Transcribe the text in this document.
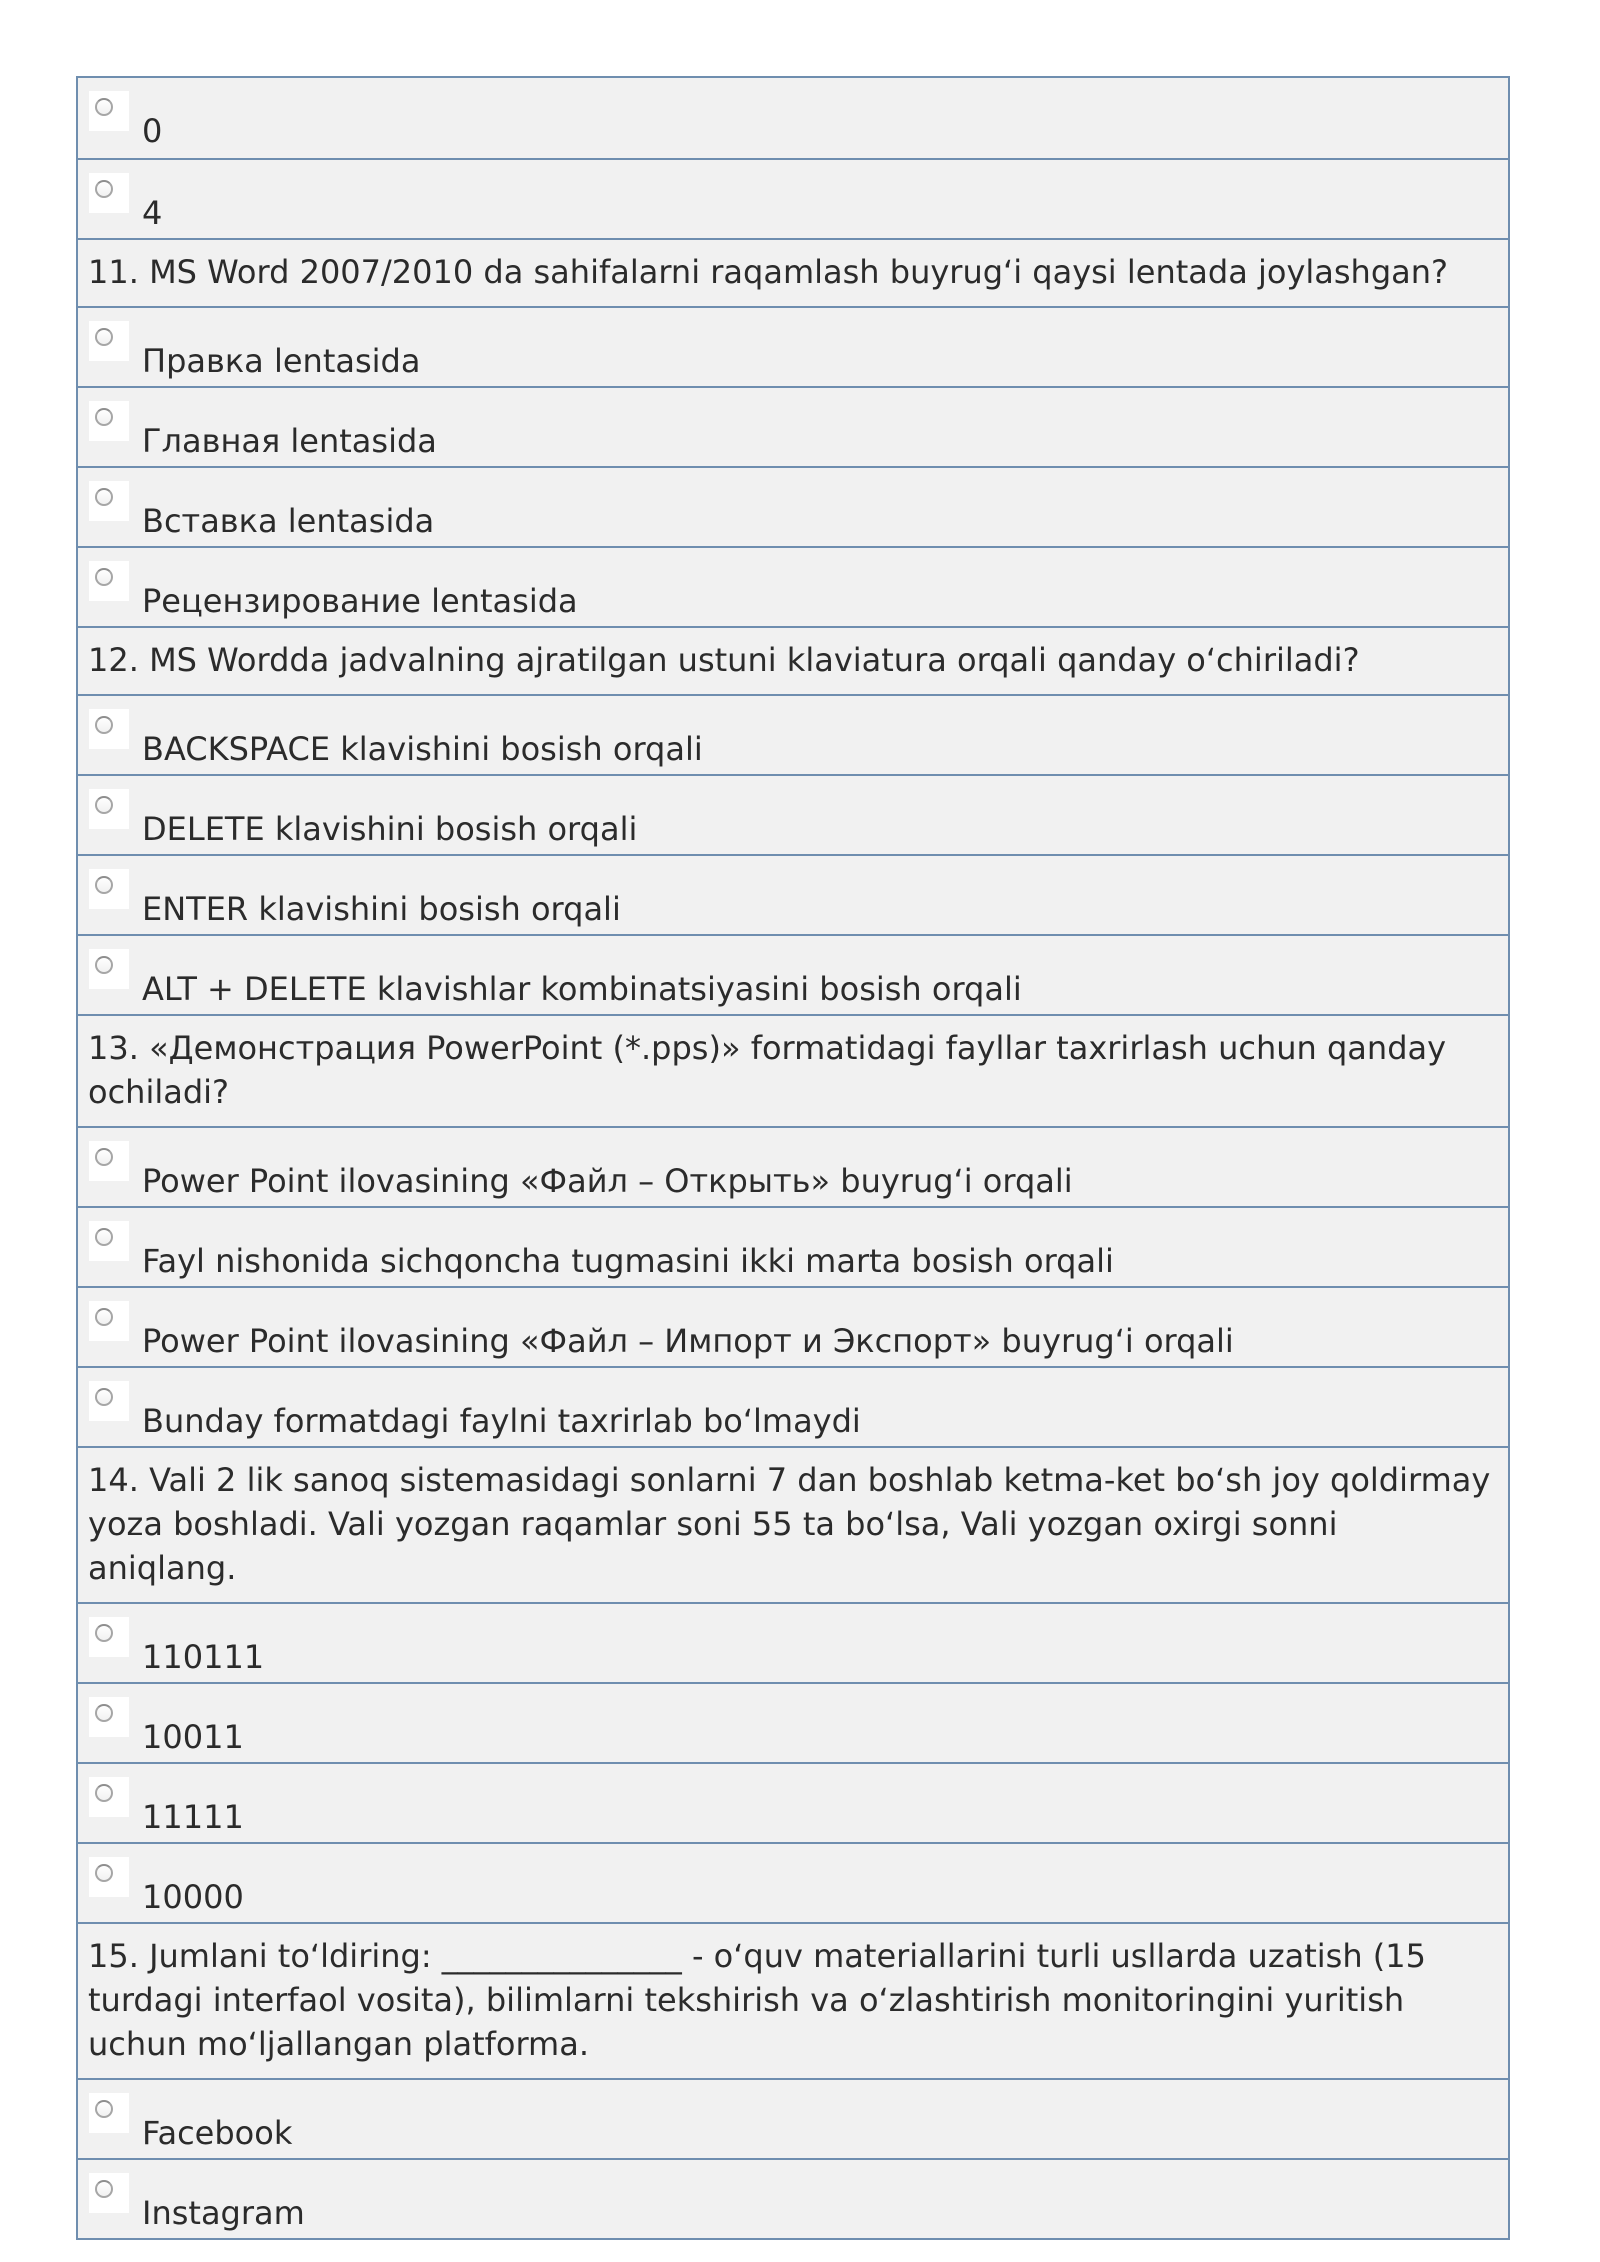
0
4
11. MS Word 2007/2010 da sahifalarni raqamlash buyrug‘i qaysi lentada joylashgan?
Правка lentasida
Главная lentasida
Вставка lentasida
Рецензирование lentasida
12. MS Wordda jadvalning ajratilgan ustuni klaviatura orqali qanday o‘chiriladi?
BACKSPACE klavishini bosish orqali
DELETE klavishini bosish orqali
ENTER klavishini bosish orqali
ALT + DELETE klavishlar kombinatsiyasini bosish orqali
13. «Демонстрация PowerPoint (*.pps)» formatidagi fayllar taxrirlash uchun qanday ochiladi?
Power Point ilovasining «Файл – Открыть» buyrug‘i orqali
Fayl nishonida sichqoncha tugmasini ikki marta bosish orqali
Power Point ilovasining «Файл – Импорт и Экспорт» buyrug‘i orqali
Bunday formatdagi faylni taxrirlab bo‘lmaydi
14. Vali 2 lik sanoq sistemasidagi sonlarni 7 dan boshlab ketma-ket bo‘sh joy qoldirmay yoza boshladi. Vali yozgan raqamlar soni 55 ta bo‘lsa, Vali yozgan oxirgi sonni aniqlang.
110111
10011
11111
10000
15. Jumlani to‘ldiring: _______________ - o‘quv materiallarini turli usllarda uzatish (15 turdagi interfaol vosita), bilimlarni tekshirish va o‘zlashtirish monitoringini yuritish uchun mo‘ljallangan platforma.
Facebook
Instagram
